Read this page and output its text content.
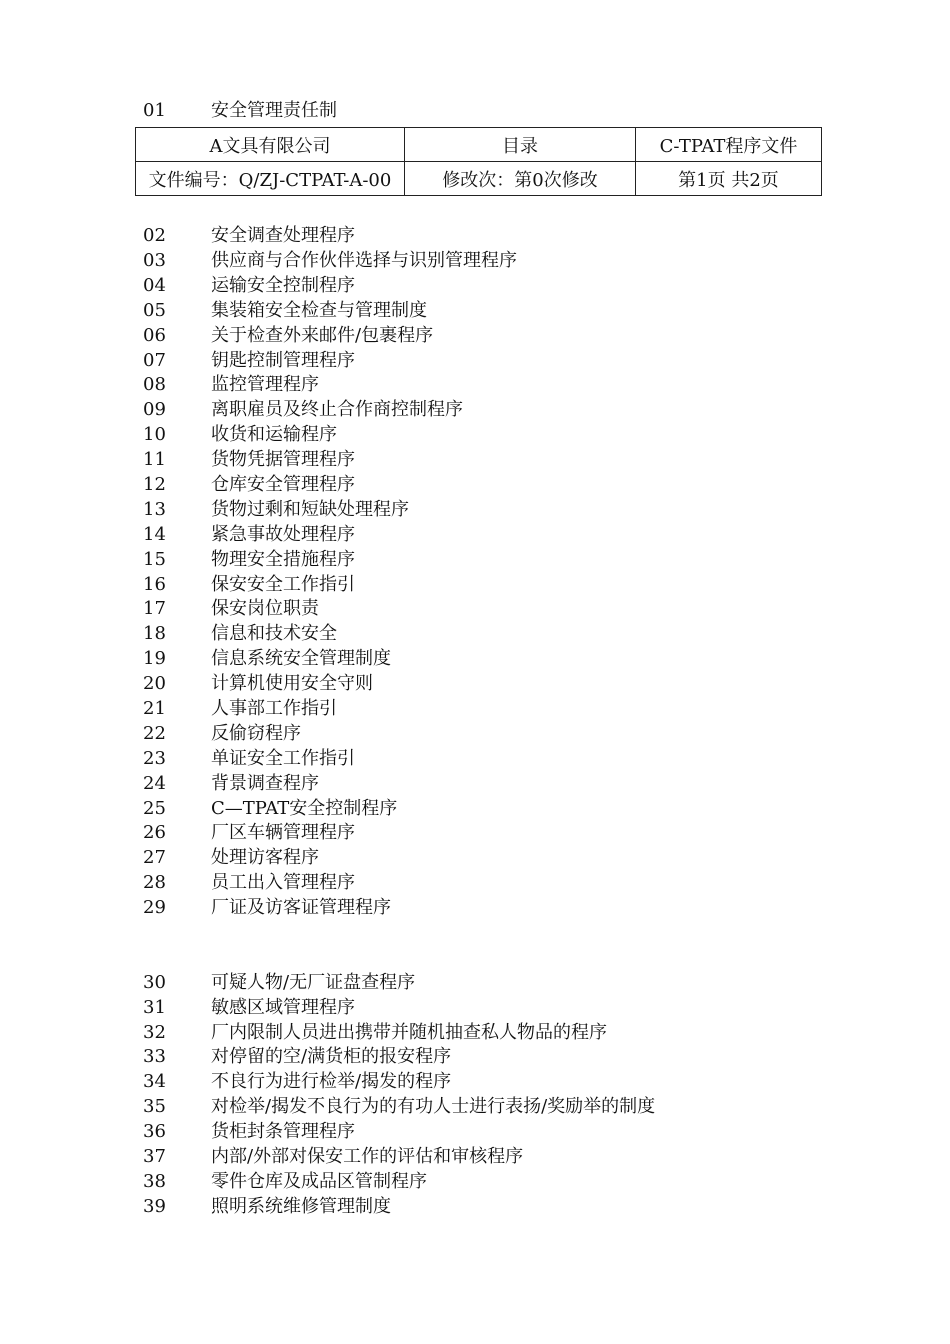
01	安全管理责任制
A文具有限公司	目录	C-TPAT程序文件
文件编号：Q/ZJ-CTPAT-A-00	修改次：第0次修改	第1页 共2页
02	安全调查处理程序
03	供应商与合作伙伴选择与识别管理程序
04	运输安全控制程序
05	集装箱安全检查与管理制度
06	关于检查外来邮件/包裹程序
07	钥匙控制管理程序
08	监控管理程序
09	离职雇员及终止合作商控制程序
10	收货和运输程序
11	货物凭据管理程序
12	仓库安全管理程序
13	货物过剩和短缺处理程序
14	紧急事故处理程序
15	物理安全措施程序
16	保安安全工作指引
17	保安岗位职责
18	信息和技术安全
19	信息系统安全管理制度
20	计算机使用安全守则
21	人事部工作指引
22	反偷窃程序
23	单证安全工作指引
24	背景调查程序
25	C—TPAT安全控制程序
26	厂区车辆管理程序
27	处理访客程序
28	员工出入管理程序
29	厂证及访客证管理程序
30	可疑人物/无厂证盘查程序
31	敏感区域管理程序
32	厂内限制人员进出携带并随机抽查私人物品的程序
33	对停留的空/满货柜的报安程序
34	不良行为进行检举/揭发的程序
35	对检举/揭发不良行为的有功人士进行表扬/奖励举的制度
36	货柜封条管理程序
37	内部/外部对保安工作的评估和审核程序
38	零件仓库及成品区管制程序
39	照明系统维修管理制度
